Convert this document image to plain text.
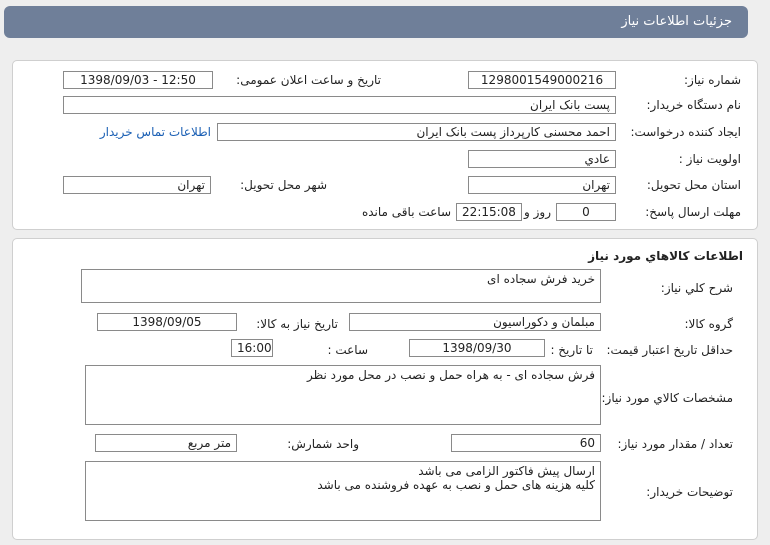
جزئیات اطلاعات نیاز
شماره نیاز:
1298001549000216
تاریخ و ساعت اعلان عمومی:
1398/09/03 - 12:50
نام دستگاه خریدار:
پست بانک ایران
ایجاد کننده درخواست:
احمد محسنی کارپرداز پست بانک ایران
اطلاعات تماس خریدار
اولویت نیاز :
عادي
استان محل تحویل:
تهران
شهر محل تحویل:
تهران
مهلت ارسال پاسخ:
0
روز و
22:15:08
ساعت باقی مانده
اطلاعات کالاهاي مورد نياز
شرح کلي نياز:
خرید فرش سجاده ای
گروه کالا:
مبلمان و دکوراسیون
تاریخ نیاز به کالا:
1398/09/05
حداقل تاریخ اعتبار قیمت:
تا تاریخ :
1398/09/30
ساعت :
16:00
مشخصات کالاي مورد نياز:
فرش سجاده ای - به هراه حمل و نصب در محل مورد نظر
تعداد / مقدار مورد نياز:
60
واحد شمارش:
متر مربع
توضیحات خریدار:
ارسال پیش فاکتور الزامی می باشد
کلیه هزینه های حمل و نصب به عهده فروشنده می باشد
